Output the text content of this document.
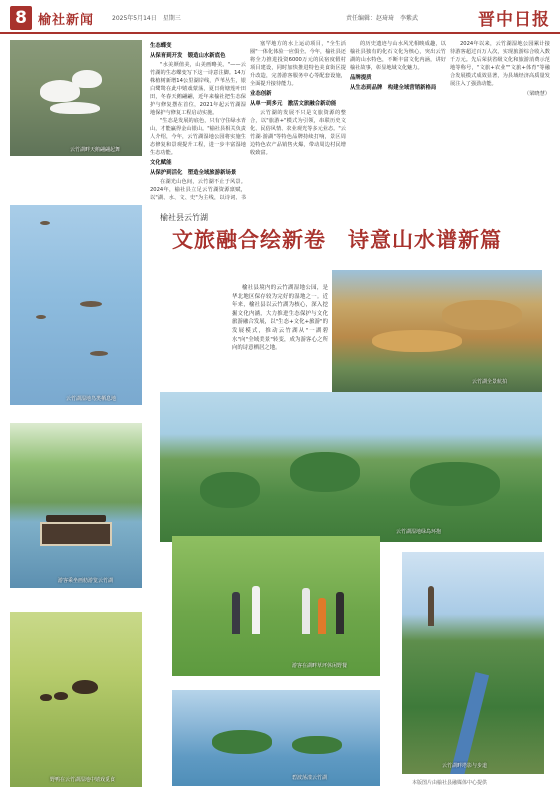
8 榆社新闻	2025年5月14日　星期三	责任编辑：赵琦琦　李紫武	晋中日报
云竹湖畔天鹅翩翩起舞
云竹湖湿地鸟类栖息地
游客乘坐画舫游览云竹湖
野鸭在云竹湖湿地中嬉戏觅食
生态蝶变
从保育到开发　锻造山水新底色
"水美颜值美，山美画略美。"——云竹湖的生态蝶变写下这一诗意注脚。14万株植树新增14公里湖岸线，芦苇丛生，银白鹭鸶在此中嬉戏蒙荡，夏日荷塘莲叶田田，冬春天鹅翩翩，近年来榆社把生态保护与修复摆在首位，2021年起云竹湖湿地保护与修复工程启动实施。
"生态是发展的底色，只有守住绿水青山，才能赢得金山银山。"榆社县相关负责人介绍，今年，云竹湖湿地公园将实施生态修复和景观提升工程，进一步丰富湿地生态功能。
文化赋能
从保护到活化　塑造全域旅游新场景
在湖光山色间，云竹湖不止于风景。2024年，榆社县立足云竹湖资源禀赋，以"湖、水、文、史"为主线，以诗词、书
塞罕地方的水上运动项目，"全生活圈"一体化体验一应俱全。今年，榆社县还将全力推进投资6000万元的民宿度假村项目建设，同时加快推进特色美食街区提升改造，完善游客服务中心等配套设施，全面提升接待能力。
业态创新
从单一到多元　激活文旅融合新动能
云竹湖的发展不只是文旅资源的整合，以"旅游+"模式为引领，串联历史文化、民俗风情、农业观光等多元业态。"云竹湖·游湖"等特色品牌持续打响，景区周边特色农产品销售火爆，带动周边村民增收致富。
的历史遗迹与山水风光相映成趣，以榆社县独有的化石文化为核心，突出云竹湖的山水特色，不断丰富文化内涵，讲好榆社故事，彰显地域文化魅力。
品牌提质
从生态到品牌　构建全域营销新格局
2024年以来，云竹湖湿地公园累计接待游客超过百万人次，实现旅游综合收入数千万元。先后荣获省级文化和旅游消费示范地等称号，"文旅+农业""文旅+体育"等融合发展模式成效显著，为县域经济高质量发展注入了强劲动能。
（梁晓慧）
榆社县云竹湖
文旅融合绘新卷　诗意山水谱新篇
榆社县境内的云竹湖湿地公园，是华北地区保存较为完好的湿地之一。近年来，榆社县以云竹湖为核心，深入挖掘文化内涵，大力推进生态保护与文化旅游融合发展，以"生态+文化+旅游"的发展模式，推动云竹湖从"一湖碧水"向"全域美景"转变，成为游客心之所向的诗意栖居之地。
云竹湖全景航拍
云竹湖湿地绿岛环抱
游客在湖畔草坪休闲野餐
碧波荡漾云竹湖
云竹湖畔塔影与步道
本版图片由榆社县融媒体中心提供
